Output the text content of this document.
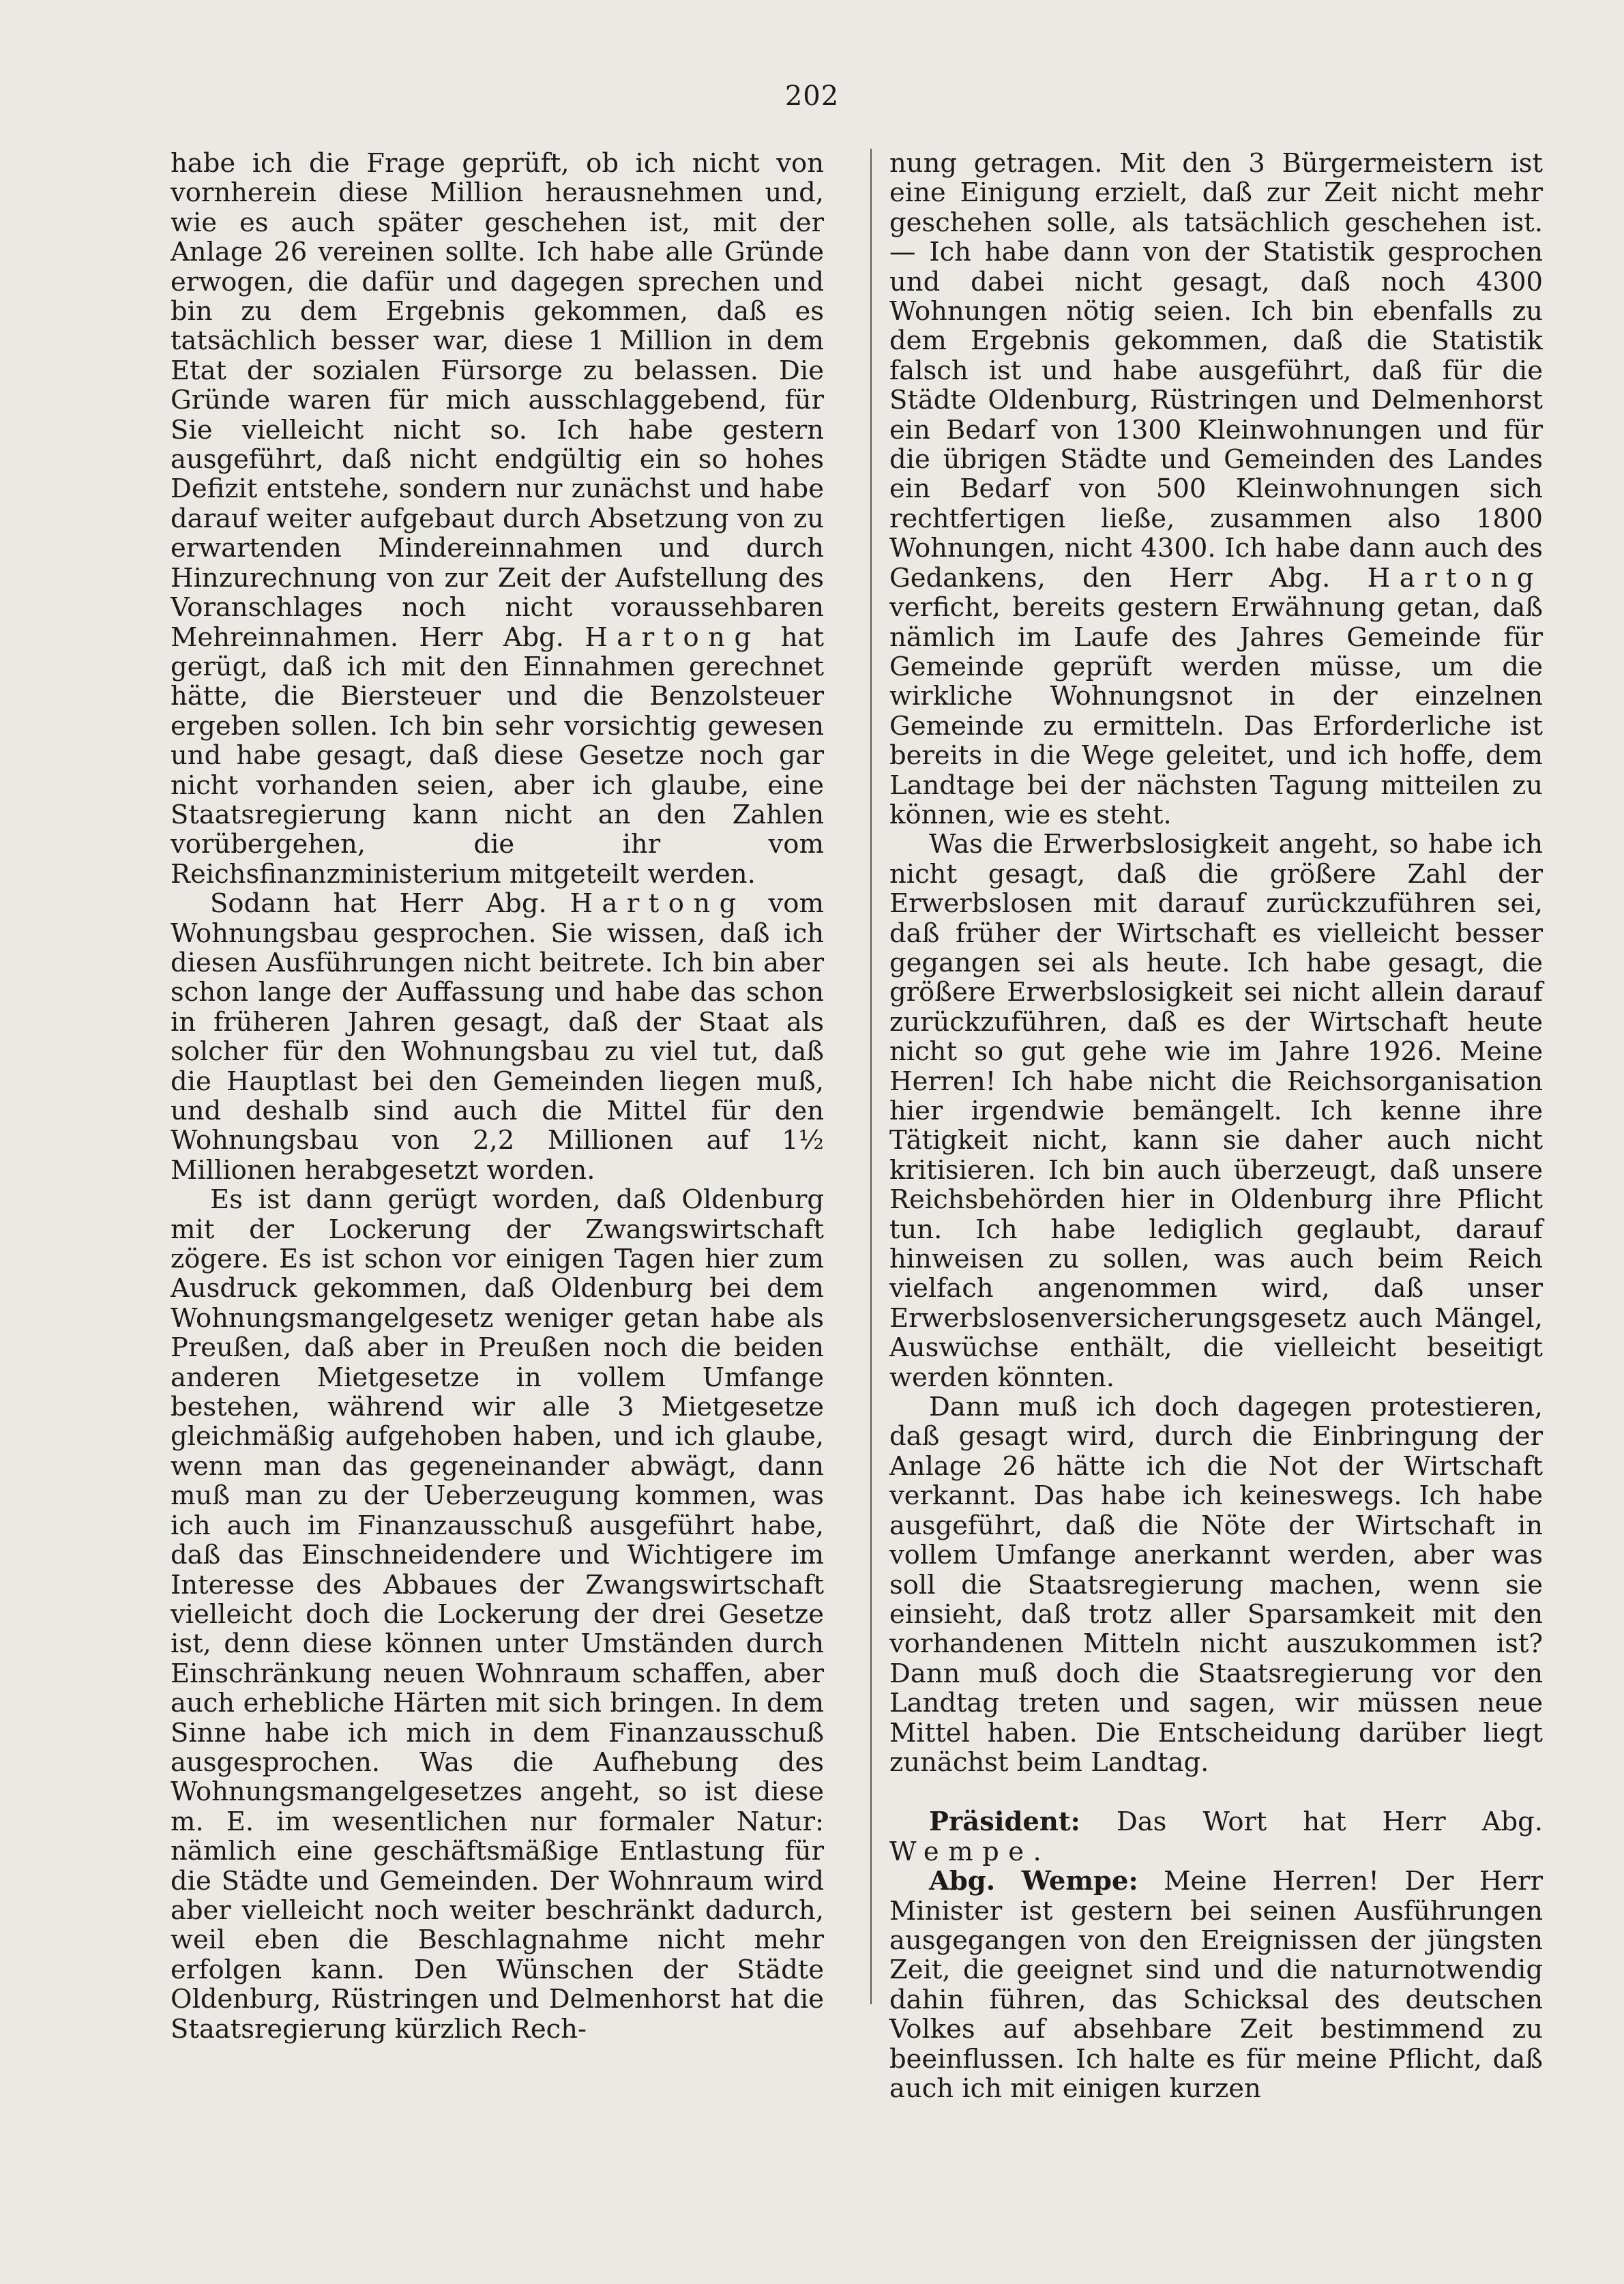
202

habe ich die Frage geprüft, ob ich nicht von vornherein diese Million herausnehmen und, wie es auch später geschehen ist, mit der Anlage 26 vereinen sollte. Ich habe alle Gründe erwogen, die dafür und dagegen sprechen und bin zu dem Ergebnis gekommen, daß es tatsächlich besser war, diese 1 Million in dem Etat der sozialen Fürsorge zu belassen. Die Gründe waren für mich ausschlaggebend, für Sie vielleicht nicht so. Ich habe gestern ausgeführt, daß nicht endgültig ein so hohes Defizit entstehe, sondern nur zunächst und habe darauf weiter aufgebaut durch Absetzung von zu erwartenden Mindereinnahmen und durch Hinzurechnung von zur Zeit der Aufstellung des Voranschlages noch nicht voraussehbaren Mehreinnahmen. Herr Abg. Hartong hat gerügt, daß ich mit den Einnahmen gerechnet hätte, die Biersteuer und die Benzolsteuer ergeben sollen. Ich bin sehr vorsichtig gewesen und habe gesagt, daß diese Gesetze noch gar nicht vorhanden seien, aber ich glaube, eine Staatsregierung kann nicht an den Zahlen vorübergehen, die ihr vom Reichsfinanzministerium mitgeteilt werden.

Sodann hat Herr Abg. Hartong vom Wohnungsbau gesprochen. Sie wissen, daß ich diesen Ausführungen nicht beitrete. Ich bin aber schon lange der Auffassung und habe das schon in früheren Jahren gesagt, daß der Staat als solcher für den Wohnungsbau zu viel tut, daß die Hauptlast bei den Gemeinden liegen muß, und deshalb sind auch die Mittel für den Wohnungsbau von 2,2 Millionen auf 1½ Millionen herabgesetzt worden.

Es ist dann gerügt worden, daß Oldenburg mit der Lockerung der Zwangswirtschaft zögere. Es ist schon vor einigen Tagen hier zum Ausdruck gekommen, daß Oldenburg bei dem Wohnungsmangelgesetz weniger getan habe als Preußen, daß aber in Preußen noch die beiden anderen Mietgesetze in vollem Umfange bestehen, während wir alle 3 Mietgesetze gleichmäßig aufgehoben haben, und ich glaube, wenn man das gegeneinander abwägt, dann muß man zu der Ueberzeugung kommen, was ich auch im Finanzausschuß ausgeführt habe, daß das Einschneidendere und Wichtigere im Interesse des Abbaues der Zwangswirtschaft vielleicht doch die Lockerung der drei Gesetze ist, denn diese können unter Umständen durch Einschränkung neuen Wohnraum schaffen, aber auch erhebliche Härten mit sich bringen. In dem Sinne habe ich mich in dem Finanzausschuß ausgesprochen. Was die Aufhebung des Wohnungsmangelgesetzes angeht, so ist diese m. E. im wesentlichen nur formaler Natur: nämlich eine geschäftsmäßige Entlastung für die Städte und Gemeinden. Der Wohnraum wird aber vielleicht noch weiter beschränkt dadurch, weil eben die Beschlagnahme nicht mehr erfolgen kann. Den Wünschen der Städte Oldenburg, Rüstringen und Delmenhorst hat die Staatsregierung kürzlich Rech-

nung getragen. Mit den 3 Bürgermeistern ist eine Einigung erzielt, daß zur Zeit nicht mehr geschehen solle, als tatsächlich geschehen ist. — Ich habe dann von der Statistik gesprochen und dabei nicht gesagt, daß noch 4300 Wohnungen nötig seien. Ich bin ebenfalls zu dem Ergebnis gekommen, daß die Statistik falsch ist und habe ausgeführt, daß für die Städte Oldenburg, Rüstringen und Delmenhorst ein Bedarf von 1300 Kleinwohnungen und für die übrigen Städte und Gemeinden des Landes ein Bedarf von 500 Kleinwohnungen sich rechtfertigen ließe, zusammen also 1800 Wohnungen, nicht 4300. Ich habe dann auch des Gedankens, den Herr Abg. Hartong verficht, bereits gestern Erwähnung getan, daß nämlich im Laufe des Jahres Gemeinde für Gemeinde geprüft werden müsse, um die wirkliche Wohnungsnot in der einzelnen Gemeinde zu ermitteln. Das Erforderliche ist bereits in die Wege geleitet, und ich hoffe, dem Landtage bei der nächsten Tagung mitteilen zu können, wie es steht.

Was die Erwerbslosigkeit angeht, so habe ich nicht gesagt, daß die größere Zahl der Erwerbslosen mit darauf zurückzuführen sei, daß früher der Wirtschaft es vielleicht besser gegangen sei als heute. Ich habe gesagt, die größere Erwerbslosigkeit sei nicht allein darauf zurückzuführen, daß es der Wirtschaft heute nicht so gut gehe wie im Jahre 1926. Meine Herren! Ich habe nicht die Reichsorganisation hier irgendwie bemängelt. Ich kenne ihre Tätigkeit nicht, kann sie daher auch nicht kritisieren. Ich bin auch überzeugt, daß unsere Reichsbehörden hier in Oldenburg ihre Pflicht tun. Ich habe lediglich geglaubt, darauf hinweisen zu sollen, was auch beim Reich vielfach angenommen wird, daß unser Erwerbslosenversicherungsgesetz auch Mängel, Auswüchse enthält, die vielleicht beseitigt werden könnten.

Dann muß ich doch dagegen protestieren, daß gesagt wird, durch die Einbringung der Anlage 26 hätte ich die Not der Wirtschaft verkannt. Das habe ich keineswegs. Ich habe ausgeführt, daß die Nöte der Wirtschaft in vollem Umfange anerkannt werden, aber was soll die Staatsregierung machen, wenn sie einsieht, daß trotz aller Sparsamkeit mit den vorhandenen Mitteln nicht auszukommen ist? Dann muß doch die Staatsregierung vor den Landtag treten und sagen, wir müssen neue Mittel haben. Die Entscheidung darüber liegt zunächst beim Landtag.

Präsident: Das Wort hat Herr Abg. Wempe.

Abg. Wempe: Meine Herren! Der Herr Minister ist gestern bei seinen Ausführungen ausgegangen von den Ereignissen der jüngsten Zeit, die geeignet sind und die naturnotwendig dahin führen, das Schicksal des deutschen Volkes auf absehbare Zeit bestimmend zu beeinflussen. Ich halte es für meine Pflicht, daß auch ich mit einigen kurzen
